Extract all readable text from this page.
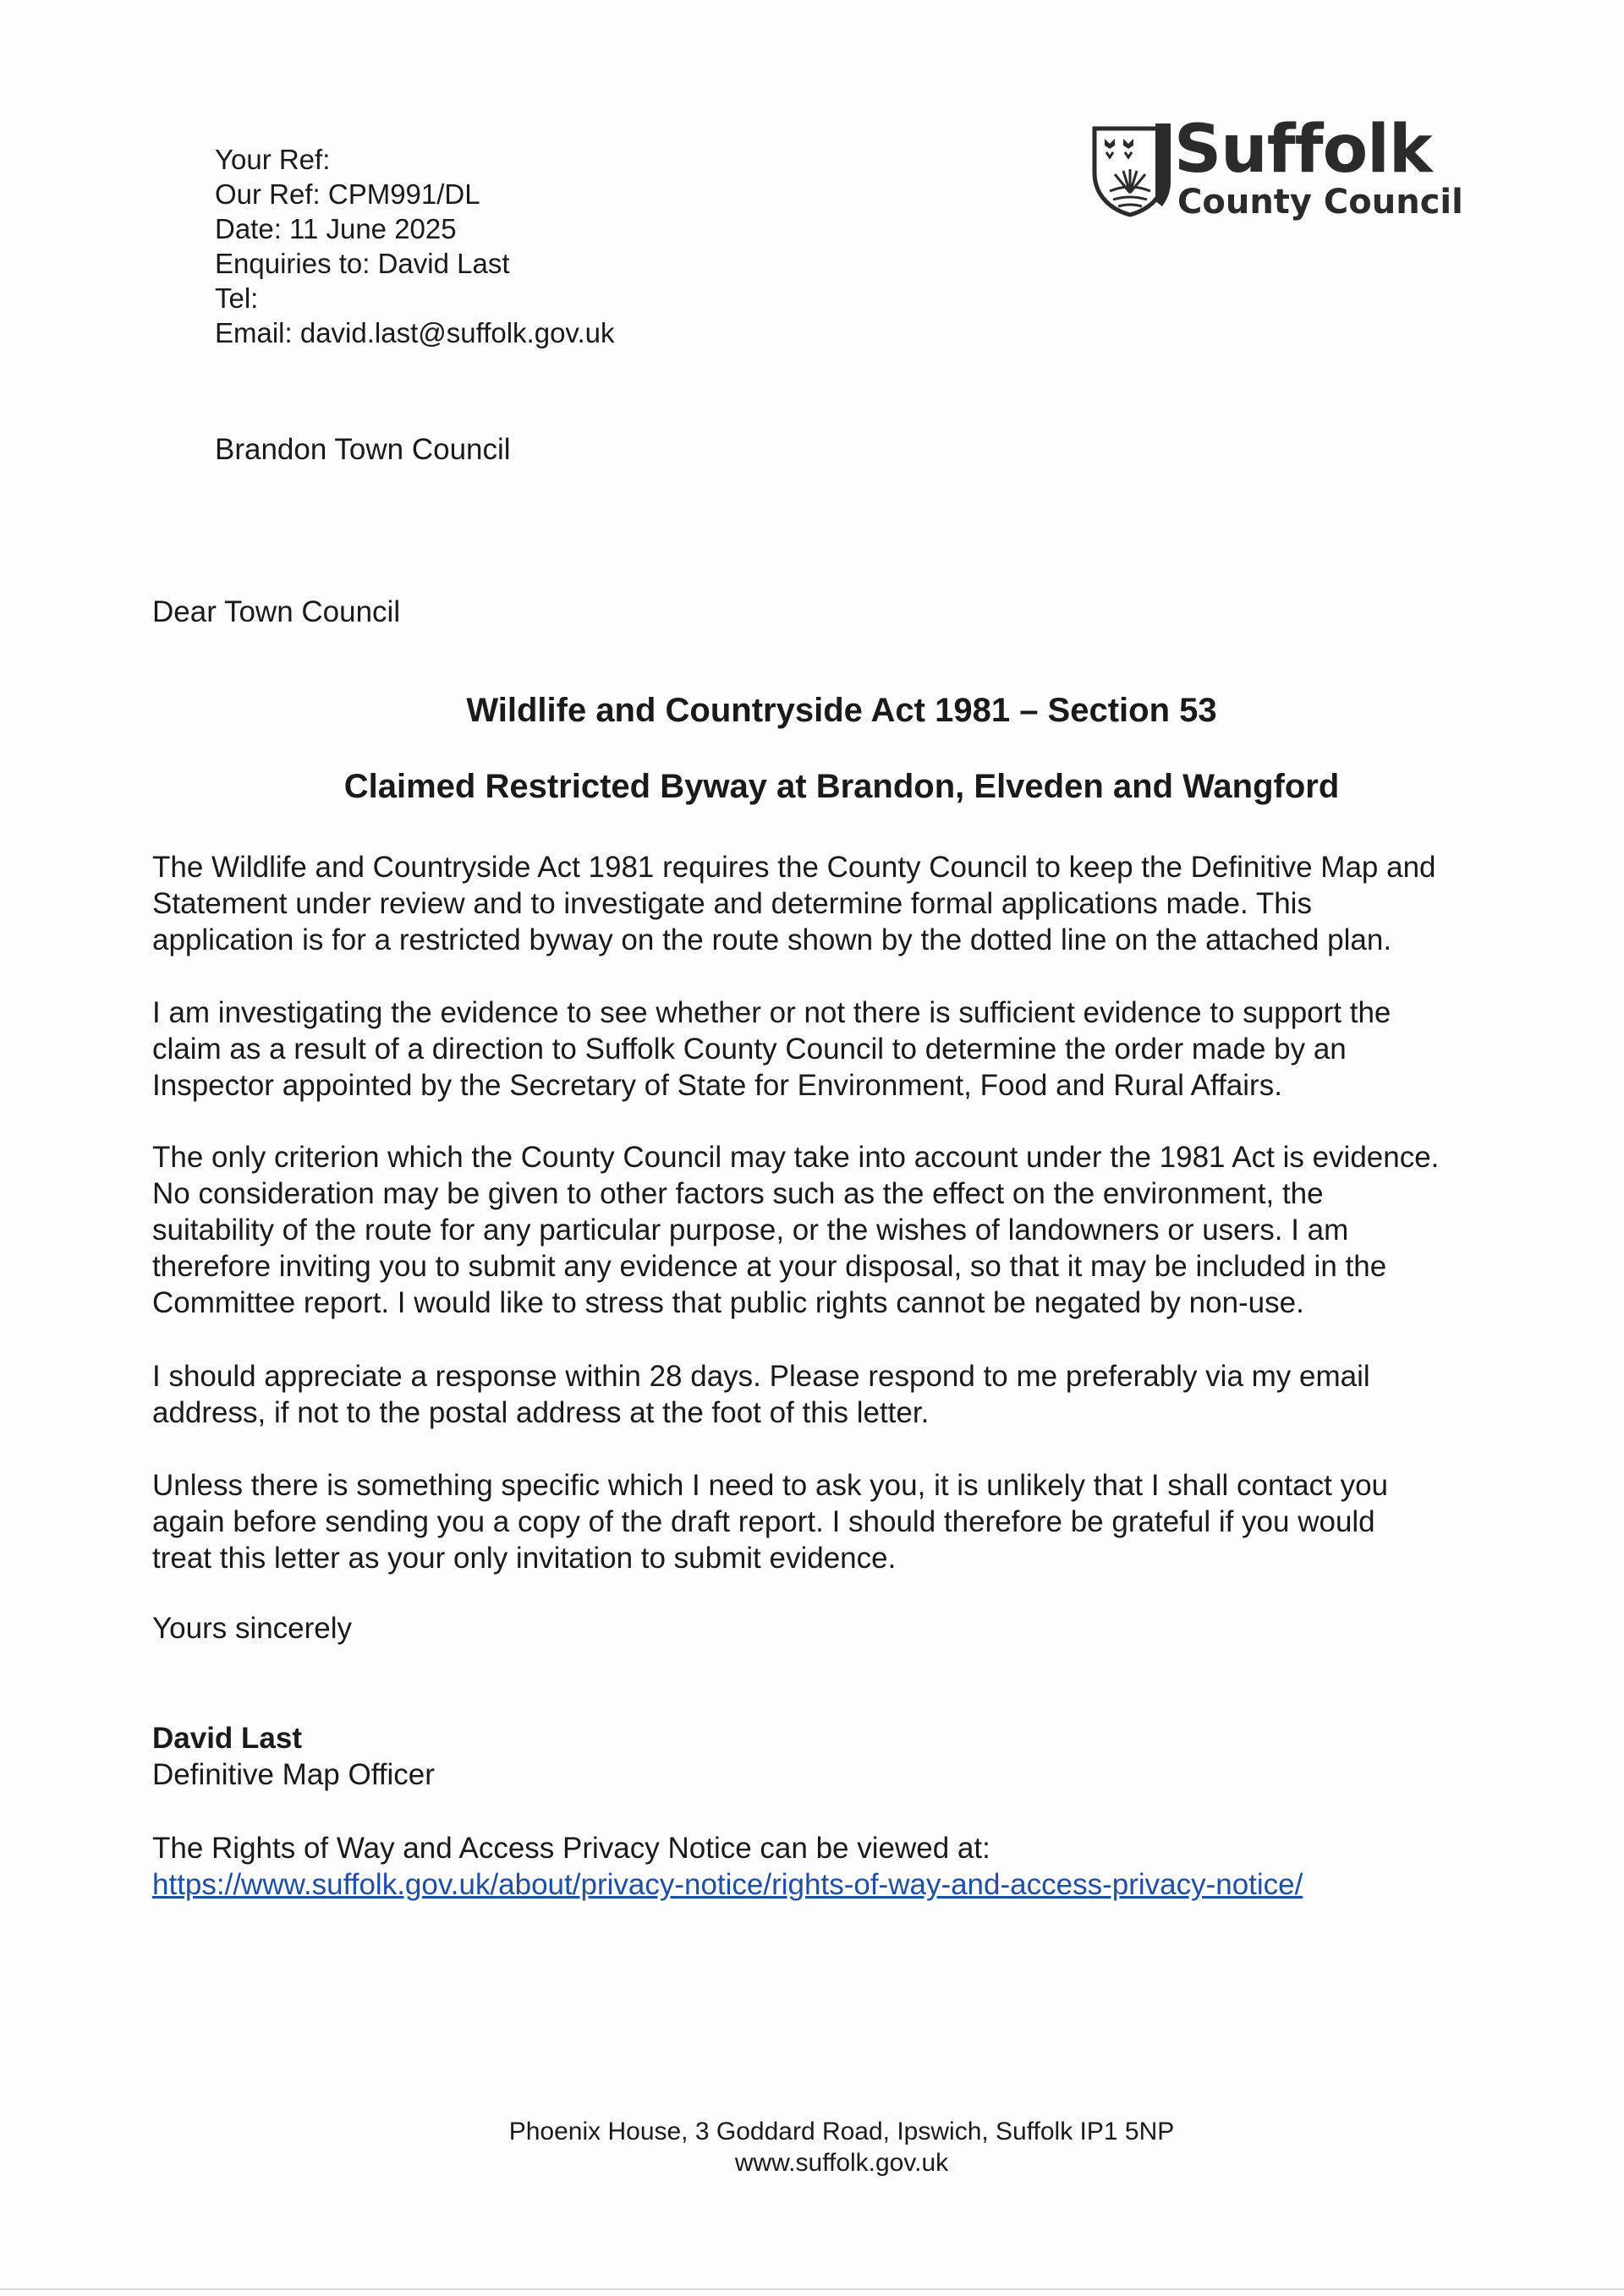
Your Ref:
Our Ref: CPM991/DL
Date: 11 June 2025
Enquiries to: David Last
Tel:
Email: david.last@suffolk.gov.uk
Suffolk
County Council
Brandon Town Council
Dear Town Council
Wildlife and Countryside Act 1981 – Section 53
Claimed Restricted Byway at Brandon, Elveden and Wangford
The Wildlife and Countryside Act 1981 requires the County Council to keep the Definitive Map and
Statement under review and to investigate and determine formal applications made. This
application is for a restricted byway on the route shown by the dotted line on the attached plan.
I am investigating the evidence to see whether or not there is sufficient evidence to support the
claim as a result of a direction to Suffolk County Council to determine the order made by an
Inspector appointed by the Secretary of State for Environment, Food and Rural Affairs.
The only criterion which the County Council may take into account under the 1981 Act is evidence.
No consideration may be given to other factors such as the effect on the environment, the
suitability of the route for any particular purpose, or the wishes of landowners or users. I am
therefore inviting you to submit any evidence at your disposal, so that it may be included in the
Committee report. I would like to stress that public rights cannot be negated by non-use.
I should appreciate a response within 28 days. Please respond to me preferably via my email
address, if not to the postal address at the foot of this letter.
Unless there is something specific which I need to ask you, it is unlikely that I shall contact you
again before sending you a copy of the draft report. I should therefore be grateful if you would
treat this letter as your only invitation to submit evidence.
Yours sincerely
David Last
Definitive Map Officer
The Rights of Way and Access Privacy Notice can be viewed at:
https://www.suffolk.gov.uk/about/privacy-notice/rights-of-way-and-access-privacy-notice/
Phoenix House, 3 Goddard Road, Ipswich, Suffolk IP1 5NP
www.suffolk.gov.uk
